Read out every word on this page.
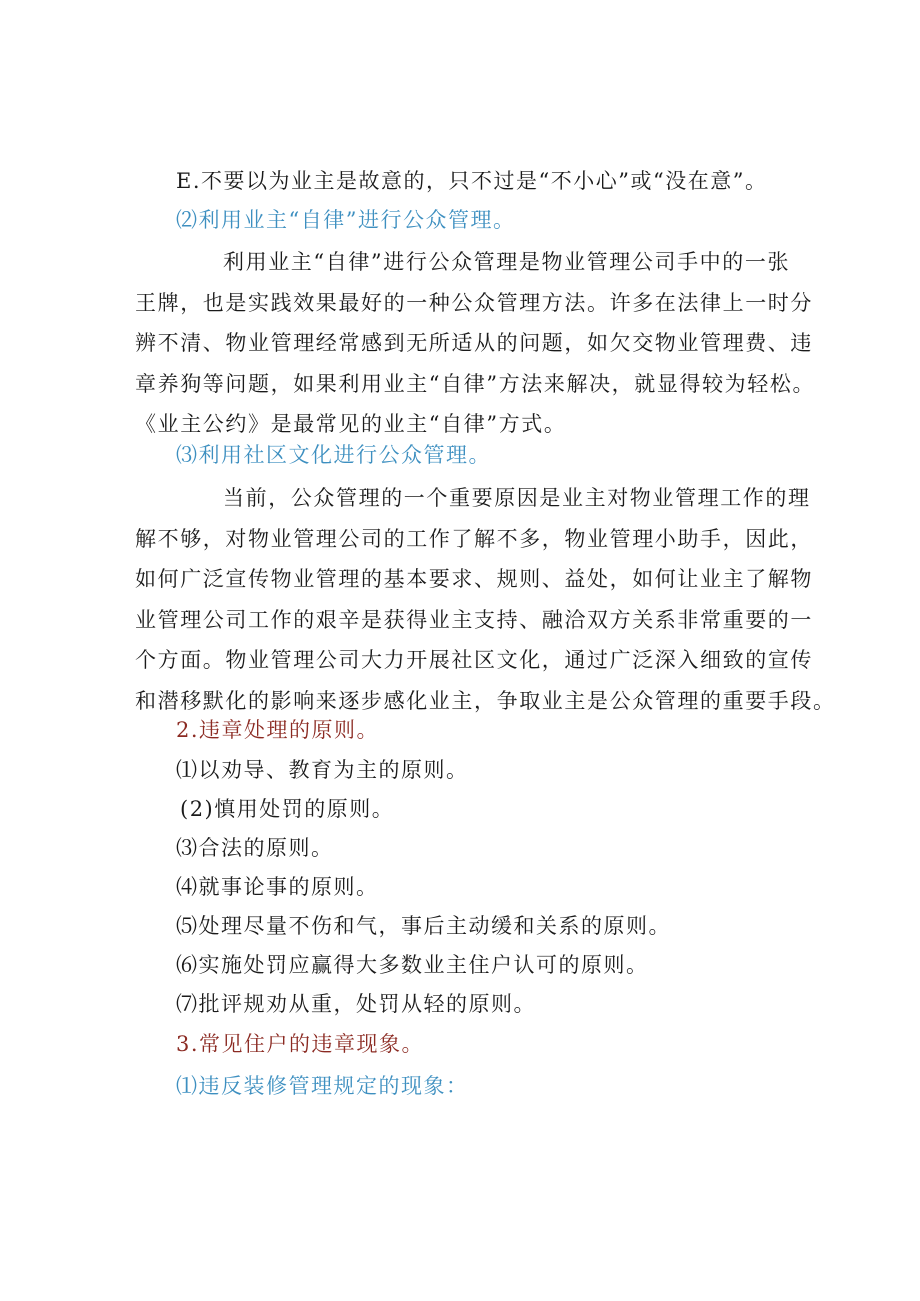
E.不要以为业主是故意的，只不过是“不小心”或“没在意”。
⑵利用业主“自律”进行公众管理。
利用业主“自律”进行公众管理是物业管理公司手中的一张
王牌，也是实践效果最好的一种公众管理方法。许多在法律上一时分
辨不清、物业管理经常感到无所适从的问题，如欠交物业管理费、违
章养狗等问题，如果利用业主“自律”方法来解决，就显得较为轻松。
《业主公约》是最常见的业主“自律”方式。
⑶利用社区文化进行公众管理。
当前，公众管理的一个重要原因是业主对物业管理工作的理
解不够，对物业管理公司的工作了解不多，物业管理小助手，因此，
如何广泛宣传物业管理的基本要求、规则、益处，如何让业主了解物
业管理公司工作的艰辛是获得业主支持、融洽双方关系非常重要的一
个方面。物业管理公司大力开展社区文化，通过广泛深入细致的宣传
和潜移默化的影响来逐步感化业主，争取业主是公众管理的重要手段。
2.违章处理的原则。
⑴以劝导、教育为主的原则。
(2)慎用处罚的原则。
⑶合法的原则。
⑷就事论事的原则。
⑸处理尽量不伤和气，事后主动缓和关系的原则。
⑹实施处罚应赢得大多数业主住户认可的原则。
⑺批评规劝从重，处罚从轻的原则。
3.常见住户的违章现象。
⑴违反装修管理规定的现象：
